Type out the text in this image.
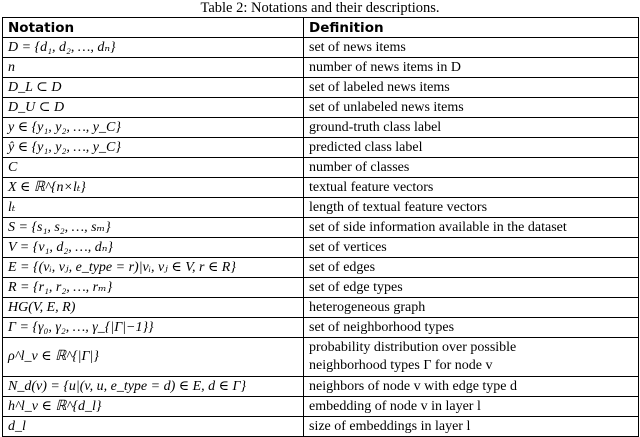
Table 2: Notations and their descriptions.
Notation	Definition
D = {d₁, d₂, …, dₙ}	set of news items
n	number of news items in D
D_L ⊂ D	set of labeled news items
D_U ⊂ D	set of unlabeled news items
y ∈ {y₁, y₂, …, y_C}	ground-truth class label
ŷ ∈ {y₁, y₂, …, y_C}	predicted class label
C	number of classes
X ∈ ℝ^{n×lₜ}	textual feature vectors
lₜ	length of textual feature vectors
S = {s₁, s₂, …, sₘ}	set of side information available in the dataset
V = {v₁, d₂, …, dₙ}	set of vertices
E = {(vᵢ, vⱼ, e_type = r)|vᵢ, vⱼ ∈ V, r ∈ R}	set of edges
R = {r₁, r₂, …, rₘ}	set of edge types
HG(V, E, R)	heterogeneous graph
Γ = {γ₀, γ₂, …, γ_{|Γ|−1}}	set of neighborhood types
ρ^l_v ∈ ℝ^{|Γ|}	probability distribution over possible
neighborhood types Γ for node v
N_d(v) = {u|(v, u, e_type = d) ∈ E, d ∈ Γ}	neighbors of node v with edge type d
h^l_v ∈ ℝ^{d_l}	embedding of node v in layer l
d_l	size of embeddings in layer l
